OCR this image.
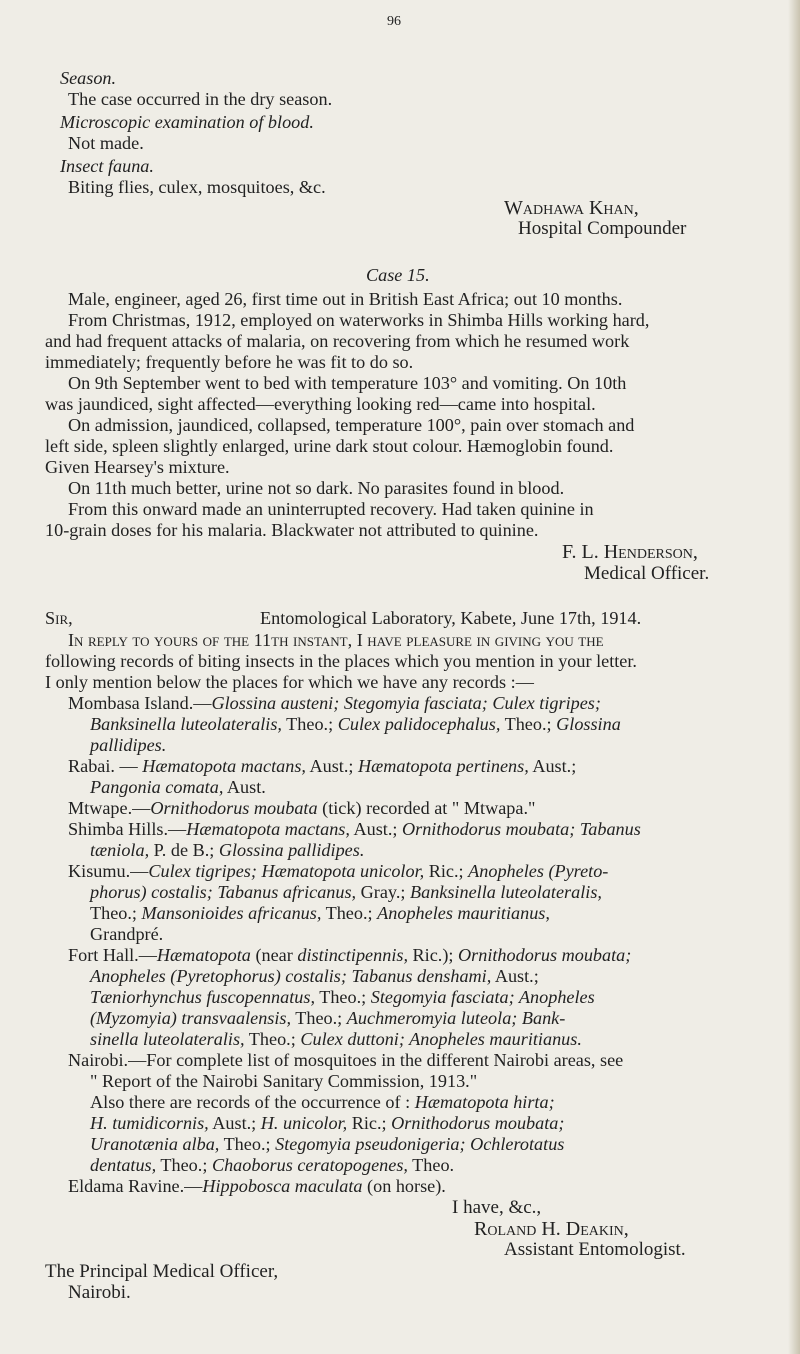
96
Season.
The case occurred in the dry season.
Microscopic examination of blood.
Not made.
Insect fauna.
Biting flies, culex, mosquitoes, &c.
Wadhawa Khan,
Hospital Compounder
Case 15.
Male, engineer, aged 26, first time out in British East Africa; out 10 months.
From Christmas, 1912, employed on waterworks in Shimba Hills working hard,
and had frequent attacks of malaria, on recovering from which he resumed work
immediately; frequently before he was fit to do so.
On 9th September went to bed with temperature 103° and vomiting. On 10th
was jaundiced, sight affected—everything looking red—came into hospital.
On admission, jaundiced, collapsed, temperature 100°, pain over stomach and
left side, spleen slightly enlarged, urine dark stout colour. Hæmoglobin found.
Given Hearsey's mixture.
On 11th much better, urine not so dark. No parasites found in blood.
From this onward made an uninterrupted recovery. Had taken quinine in
10-grain doses for his malaria. Blackwater not attributed to quinine.
F. L. Henderson,
Medical Officer.
Sir,	Entomological Laboratory, Kabete, June 17th, 1914.
In reply to yours of the 11th instant, I have pleasure in giving you the
following records of biting insects in the places which you mention in your letter.
I only mention below the places for which we have any records :—
Mombasa Island.—Glossina austeni; Stegomyia fasciata; Culex tigripes;
Banksinella luteolateralis, Theo.; Culex palidocephalus, Theo.; Glossina
pallidipes.
Rabai. — Hæmatopota mactans, Aust.; Hæmatopota pertinens, Aust.;
Pangonia comata, Aust.
Mtwape.—Ornithodorus moubata (tick) recorded at " Mtwapa."
Shimba Hills.—Hæmatopota mactans, Aust.; Ornithodorus moubata; Tabanus
tæniola, P. de B.; Glossina pallidipes.
Kisumu.—Culex tigripes; Hæmatopota unicolor, Ric.; Anopheles (Pyreto-
phorus) costalis; Tabanus africanus, Gray.; Banksinella luteolateralis,
Theo.; Mansonioides africanus, Theo.; Anopheles mauritianus,
Grandpré.
Fort Hall.—Hæmatopota (near distinctipennis, Ric.); Ornithodorus moubata;
Anopheles (Pyretophorus) costalis; Tabanus denshami, Aust.;
Tæniorhynchus fuscopennatus, Theo.; Stegomyia fasciata; Anopheles
(Myzomyia) transvaalensis, Theo.; Auchmeromyia luteola; Bank-
sinella luteolateralis, Theo.; Culex duttoni; Anopheles mauritianus.
Nairobi.—For complete list of mosquitoes in the different Nairobi areas, see
" Report of the Nairobi Sanitary Commission, 1913."
Also there are records of the occurrence of : Hæmatopota hirta;
H. tumidicornis, Aust.; H. unicolor, Ric.; Ornithodorus moubata;
Uranotænia alba, Theo.; Stegomyia pseudonigeria; Ochlerotatus
dentatus, Theo.; Chaoborus ceratopogenes, Theo.
Eldama Ravine.—Hippobosca maculata (on horse).
I have, &c.,
Roland H. Deakin,
Assistant Entomologist.
The Principal Medical Officer,
Nairobi.
